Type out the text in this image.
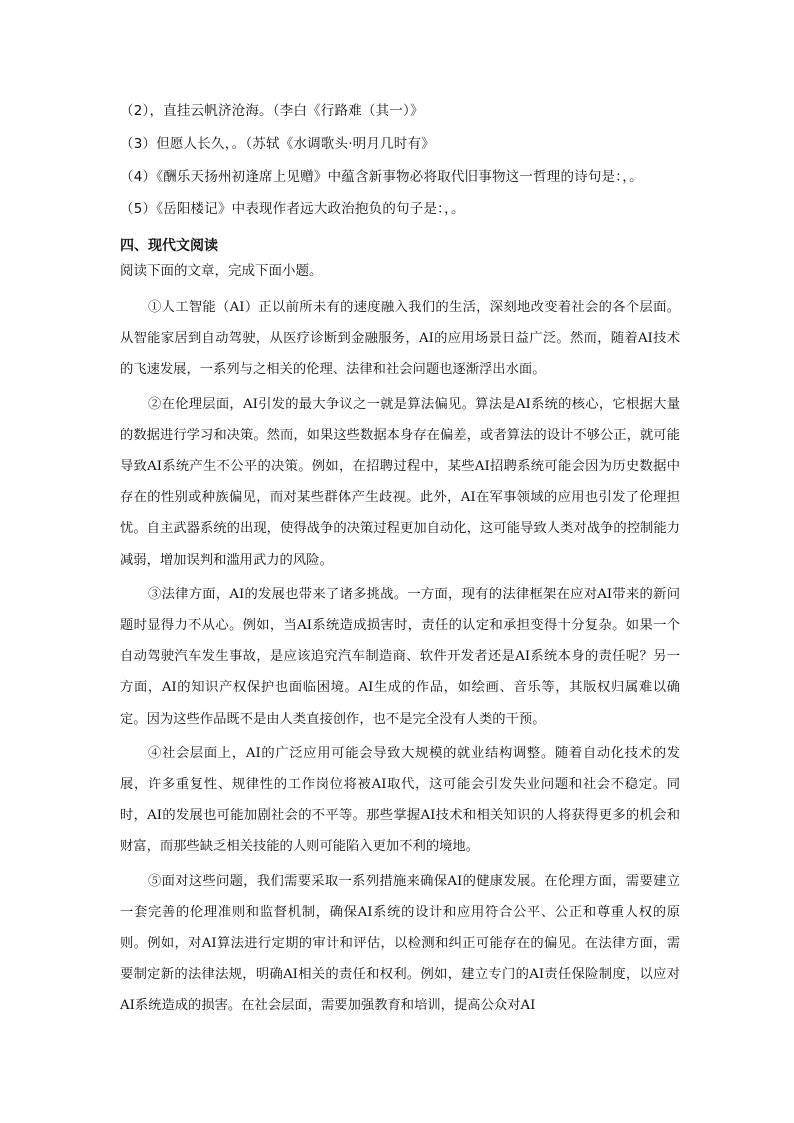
（2），直挂云帆济沧海。（李白《行路难（其一）》
（3）但愿人长久，。（苏轼《水调歌头·明月几时有》
（4）《酬乐天扬州初逢席上见赠》中蕴含新事物必将取代旧事物这一哲理的诗句是：，。
（5）《岳阳楼记》中表现作者远大政治抱负的句子是：，。
四、现代文阅读
阅读下面的文章，完成下面小题。

①人工智能（AI）正以前所未有的速度融入我们的生活，深刻地改变着社会的各个层面。从智能家居到自动驾驶，从医疗诊断到金融服务，AI的应用场景日益广泛。然而，随着AI技术的飞速发展，一系列与之相关的伦理、法律和社会问题也逐渐浮出水面。

②在伦理层面，AI引发的最大争议之一就是算法偏见。算法是AI系统的核心，它根据大量的数据进行学习和决策。然而，如果这些数据本身存在偏差，或者算法的设计不够公正，就可能导致AI系统产生不公平的决策。例如，在招聘过程中，某些AI招聘系统可能会因为历史数据中存在的性别或种族偏见，而对某些群体产生歧视。此外，AI在军事领域的应用也引发了伦理担忧。自主武器系统的出现，使得战争的决策过程更加自动化，这可能导致人类对战争的控制能力减弱，增加误判和滥用武力的风险。

③法律方面，AI的发展也带来了诸多挑战。一方面，现有的法律框架在应对AI带来的新问题时显得力不从心。例如，当AI系统造成损害时，责任的认定和承担变得十分复杂。如果一个自动驾驶汽车发生事故，是应该追究汽车制造商、软件开发者还是AI系统本身的责任呢？另一方面，AI的知识产权保护也面临困境。AI生成的作品，如绘画、音乐等，其版权归属难以确定。因为这些作品既不是由人类直接创作，也不是完全没有人类的干预。

④社会层面上，AI的广泛应用可能会导致大规模的就业结构调整。随着自动化技术的发展，许多重复性、规律性的工作岗位将被AI取代，这可能会引发失业问题和社会不稳定。同时，AI的发展也可能加剧社会的不平等。那些掌握AI技术和相关知识的人将获得更多的机会和财富，而那些缺乏相关技能的人则可能陷入更加不利的境地。

⑤面对这些问题，我们需要采取一系列措施来确保AI的健康发展。在伦理方面，需要建立一套完善的伦理准则和监督机制，确保AI系统的设计和应用符合公平、公正和尊重人权的原则。例如，对AI算法进行定期的审计和评估，以检测和纠正可能存在的偏见。在法律方面，需要制定新的法律法规，明确AI相关的责任和权利。例如，建立专门的AI责任保险制度，以应对AI系统造成的损害。在社会层面，需要加强教育和培训，提高公众对AI
